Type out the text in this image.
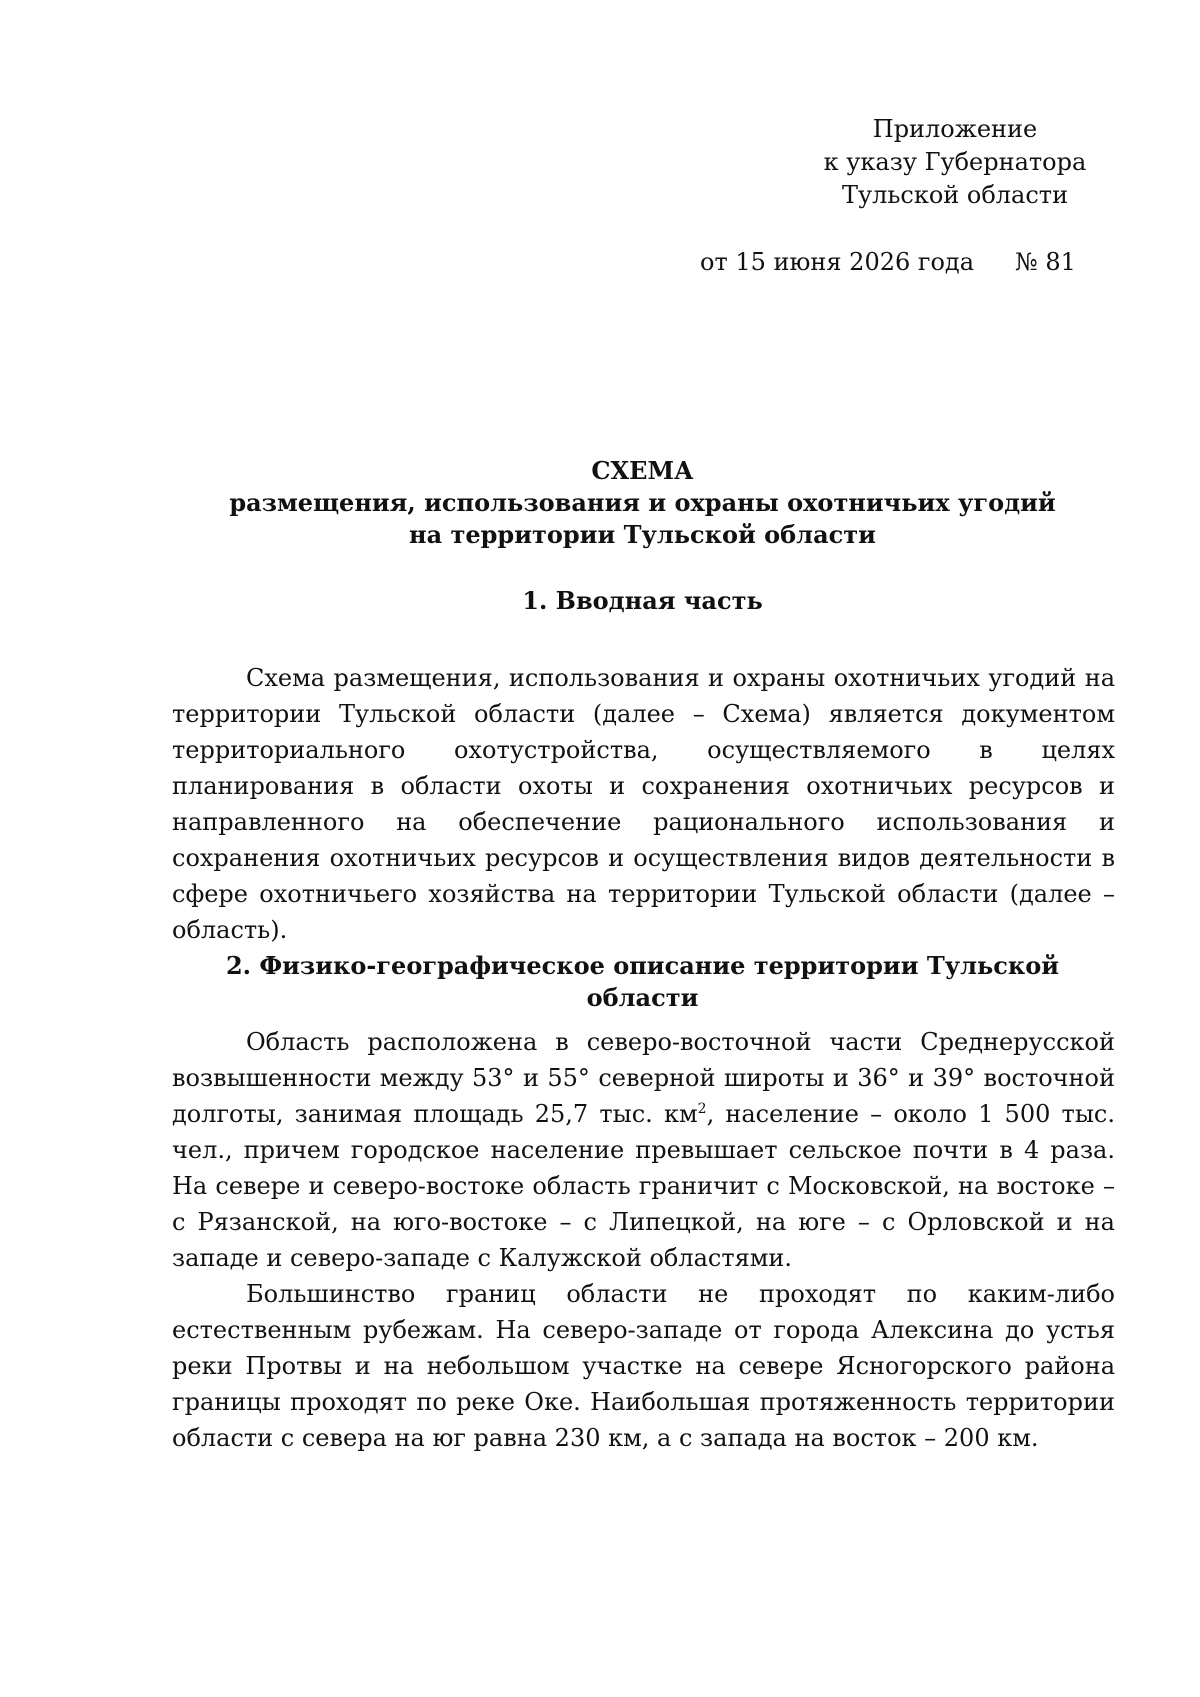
Приложение
к указу Губернатора
Тульской области
от 15 июня 2026 года № 81
СХЕМА
размещения, использования и охраны охотничьих угодий
на территории Тульской области
1. Вводная часть

Схема размещения, использования и охраны охотничьих угодий на территории Тульской области (далее – Схема) является документом территориального охотустройства, осуществляемого в целях планирования в области охоты и сохранения охотничьих ресурсов и направленного на обеспечение рационального использования и сохранения охотничьих ресурсов и осуществления видов деятельности в сфере охотничьего хозяйства на территории Тульской области (далее – область).

2. Физико-географическое описание территории Тульской области

Область расположена в северо-восточной части Среднерусской возвышенности между 53° и 55° северной широты и 36° и 39° восточной долготы, занимая площадь 25,7 тыс. $км^2$, население – около 1 500 тыс. чел., причем городское население превышает сельское почти в 4 раза. На севере и северо-востоке область граничит с Московской, на востоке – с Рязанской, на юго-востоке – с Липецкой, на юге – с Орловской и на западе и северо-западе с Калужской областями.

Большинство границ области не проходят по каким-либо естественным рубежам. На северо-западе от города Алексина до устья реки Протвы и на небольшом участке на севере Ясногорского района границы проходят по реке Оке. Наибольшая протяженность территории области с севера на юг равна 230 км, а с запада на восток – 200 км.
